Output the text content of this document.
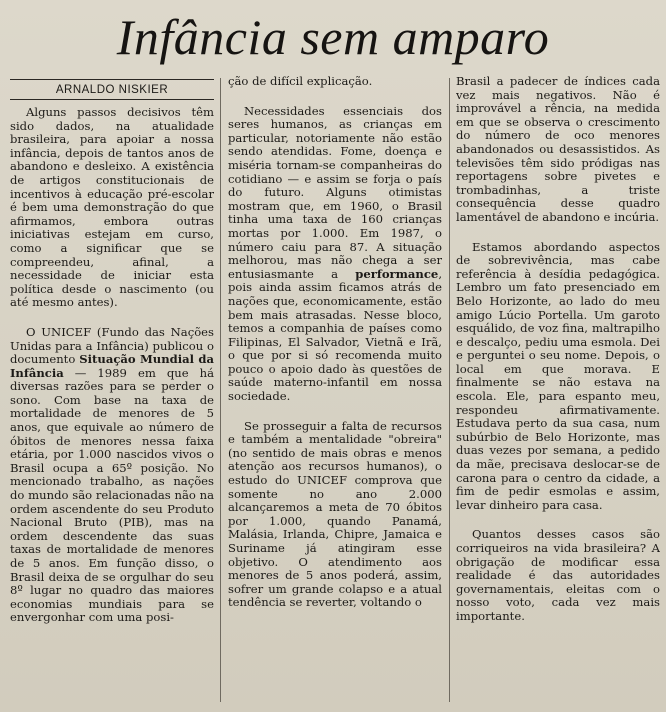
Infância sem amparo
ARNALDO NISKIER

Alguns passos decisivos têm sido dados, na atualidade brasileira, para apoiar a nossa infância, depois de tantos anos de abandono e desleixo. A existência de artigos constitucionais de incentivos à educação pré-escolar é bem uma demonstração do que afirmamos, embora outras iniciativas estejam em curso, como a significar que se compreendeu, afinal, a necessidade de iniciar esta política desde o nascimento (ou até mesmo antes).

O UNICEF (Fundo das Nações Unidas para a Infância) publicou o documento Situação Mundial da Infância — 1989 em que há diversas razões para se perder o sono. Com base na taxa de mortalidade de menores de 5 anos, que equivale ao número de óbitos de menores nessa faixa etária, por 1.000 nascidos vivos o Brasil ocupa a 65º posição. No mencionado trabalho, as nações do mundo são relacionadas não na ordem ascendente do seu Produto Nacional Bruto (PIB), mas na ordem descendente das suas taxas de mortalidade de menores de 5 anos. Em função disso, o Brasil deixa de se orgulhar do seu 8º lugar no quadro das maiores economias mundiais para se envergonhar com uma posi-

ção de difícil explicação.

Necessidades essenciais dos seres humanos, as crianças em particular, notoriamente não estão sendo atendidas. Fome, doença e miséria tornam-se companheiras do cotidiano — e assim se forja o país do futuro. Alguns otimistas mostram que, em 1960, o Brasil tinha uma taxa de 160 crianças mortas por 1.000. Em 1987, o número caiu para 87. A situação melhorou, mas não chega a ser entusiasmante a performance, pois ainda assim ficamos atrás de nações que, economicamente, estão bem mais atrasadas. Nesse bloco, temos a companhia de países como Filipinas, El Salvador, Vietnã e Irã, o que por si só recomenda muito pouco o apoio dado às questões de saúde materno-infantil em nossa sociedade.

Se prosseguir a falta de recursos e também a mentalidade "obreira" (no sentido de mais obras e menos atenção aos recursos humanos), o estudo do UNICEF comprova que somente no ano 2.000 alcançaremos a meta de 70 óbitos por 1.000, quando Panamá, Malásia, Irlanda, Chipre, Jamaica e Suriname já atingiram esse objetivo. O atendimento aos menores de 5 anos poderá, assim, sofrer um grande colapso e a atual tendência se reverter, voltando o

Brasil a padecer de índices cada vez mais negativos. Não é improvável a rência, na medida em que se observa o crescimento do número de oco menores abandonados ou desassistidos. As televisões têm sido pródigas nas reportagens sobre pivetes e trombadinhas, a triste consequência desse quadro lamentável de abandono e incúria.

Estamos abordando aspectos de sobrevivência, mas cabe referência à desídia pedagógica. Lembro um fato presenciado em Belo Horizonte, ao lado do meu amigo Lúcio Portella. Um garoto esquálido, de voz fina, maltrapilho e descalço, pediu uma esmola. Dei e perguntei o seu nome. Depois, o local em que morava. E finalmente se não estava na escola. Ele, para espanto meu, respondeu afirmativamente. Estudava perto da sua casa, num subúrbio de Belo Horizonte, mas duas vezes por semana, a pedido da mãe, precisava deslocar-se de carona para o centro da cidade, a fim de pedir esmolas e assim, levar dinheiro para casa.

Quantos desses casos são corriqueiros na vida brasileira? A obrigação de modificar essa realidade é das autoridades governamentais, eleitas com o nosso voto, cada vez mais importante.
